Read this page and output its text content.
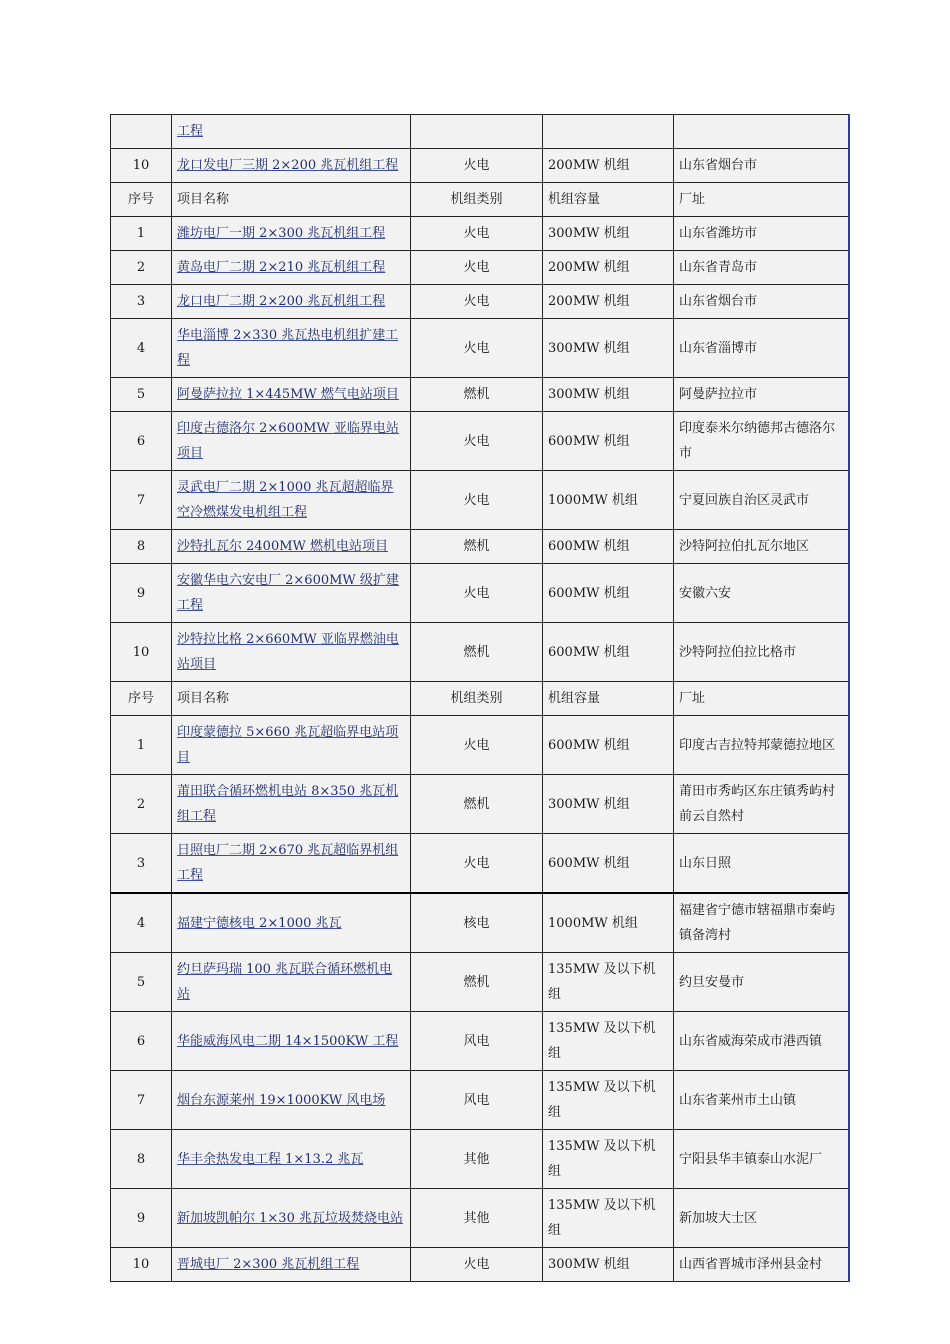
	工程			
10	龙口发电厂三期 2×200 兆瓦机组工程	火电	200MW 机组	山东省烟台市
序号	项目名称	机组类别	机组容量	厂址
1	潍坊电厂一期 2×300 兆瓦机组工程	火电	300MW 机组	山东省潍坊市
2	黄岛电厂二期 2×210 兆瓦机组工程	火电	200MW 机组	山东省青岛市
3	龙口电厂二期 2×200 兆瓦机组工程	火电	200MW 机组	山东省烟台市
4	华电淄博 2×330 兆瓦热电机组扩建工程	火电	300MW 机组	山东省淄博市
5	阿曼萨拉拉 1×445MW 燃气电站项目	燃机	300MW 机组	阿曼萨拉拉市
6	印度古德洛尔 2×600MW 亚临界电站项目	火电	600MW 机组	印度泰米尔纳德邦古德洛尔市
7	灵武电厂二期 2×1000 兆瓦超超临界空冷燃煤发电机组工程	火电	1000MW 机组	宁夏回族自治区灵武市
8	沙特扎瓦尔 2400MW 燃机电站项目	燃机	600MW 机组	沙特阿拉伯扎瓦尔地区
9	安徽华电六安电厂 2×600MW 级扩建工程	火电	600MW 机组	安徽六安
10	沙特拉比格 2×660MW 亚临界燃油电站项目	燃机	600MW 机组	沙特阿拉伯拉比格市
序号	项目名称	机组类别	机组容量	厂址
1	印度蒙德拉 5×660 兆瓦超临界电站项目	火电	600MW 机组	印度古吉拉特邦蒙德拉地区
2	莆田联合循环燃机电站 8×350 兆瓦机组工程	燃机	300MW 机组	莆田市秀屿区东庄镇秀屿村前云自然村
3	日照电厂二期 2×670 兆瓦超临界机组工程	火电	600MW 机组	山东日照
4	福建宁德核电 2×1000 兆瓦	核电	1000MW 机组	福建省宁德市辖福鼎市秦屿镇备湾村
5	约旦萨玛瑞 100 兆瓦联合循环燃机电站	燃机	135MW 及以下机组	约旦安曼市
6	华能威海风电二期 14×1500KW 工程	风电	135MW 及以下机组	山东省威海荣成市港西镇
7	烟台东源莱州 19×1000KW 风电场	风电	135MW 及以下机组	山东省莱州市土山镇
8	华丰余热发电工程 1×13.2 兆瓦	其他	135MW 及以下机组	宁阳县华丰镇泰山水泥厂
9	新加坡凯帕尔 1×30 兆瓦垃圾焚烧电站	其他	135MW 及以下机组	新加坡大士区
10	晋城电厂 2×300 兆瓦机组工程	火电	300MW 机组	山西省晋城市泽州县金村
